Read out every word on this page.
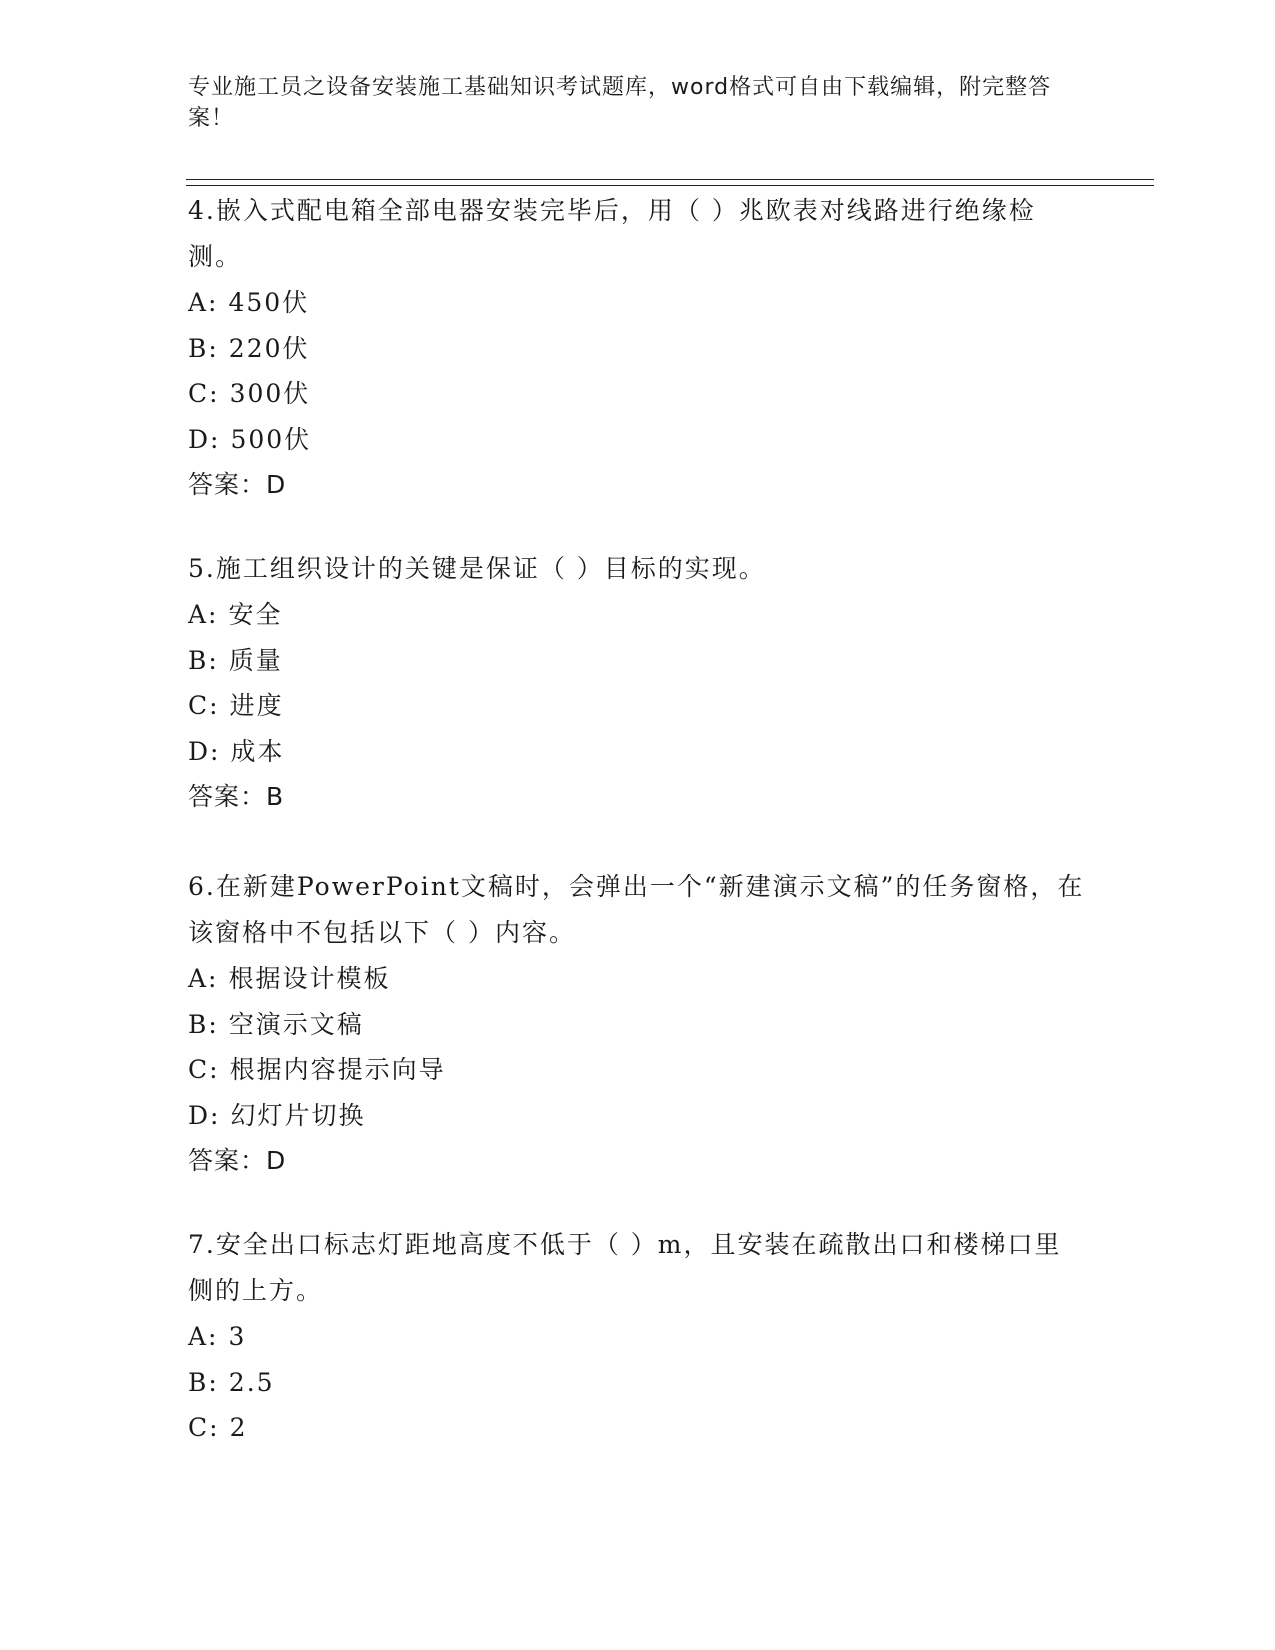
专业施工员之设备安装施工基础知识考试题库，word格式可自由下载编辑，附完整答案！
4.嵌入式配电箱全部电器安装完毕后，用（ ）兆欧表对线路进行绝缘检测。
A: 450伏
B: 220伏
C: 300伏
D: 500伏
答案：D
5.施工组织设计的关键是保证（ ）目标的实现。
A: 安全
B: 质量
C: 进度
D: 成本
答案：B
6.在新建PowerPoint文稿时，会弹出一个“新建演示文稿”的任务窗格，在该窗格中不包括以下（ ）内容。
A: 根据设计模板
B: 空演示文稿
C: 根据内容提示向导
D: 幻灯片切换
答案：D
7.安全出口标志灯距地高度不低于（ ）m，且安装在疏散出口和楼梯口里侧的上方。
A: 3
B: 2.5
C: 2
